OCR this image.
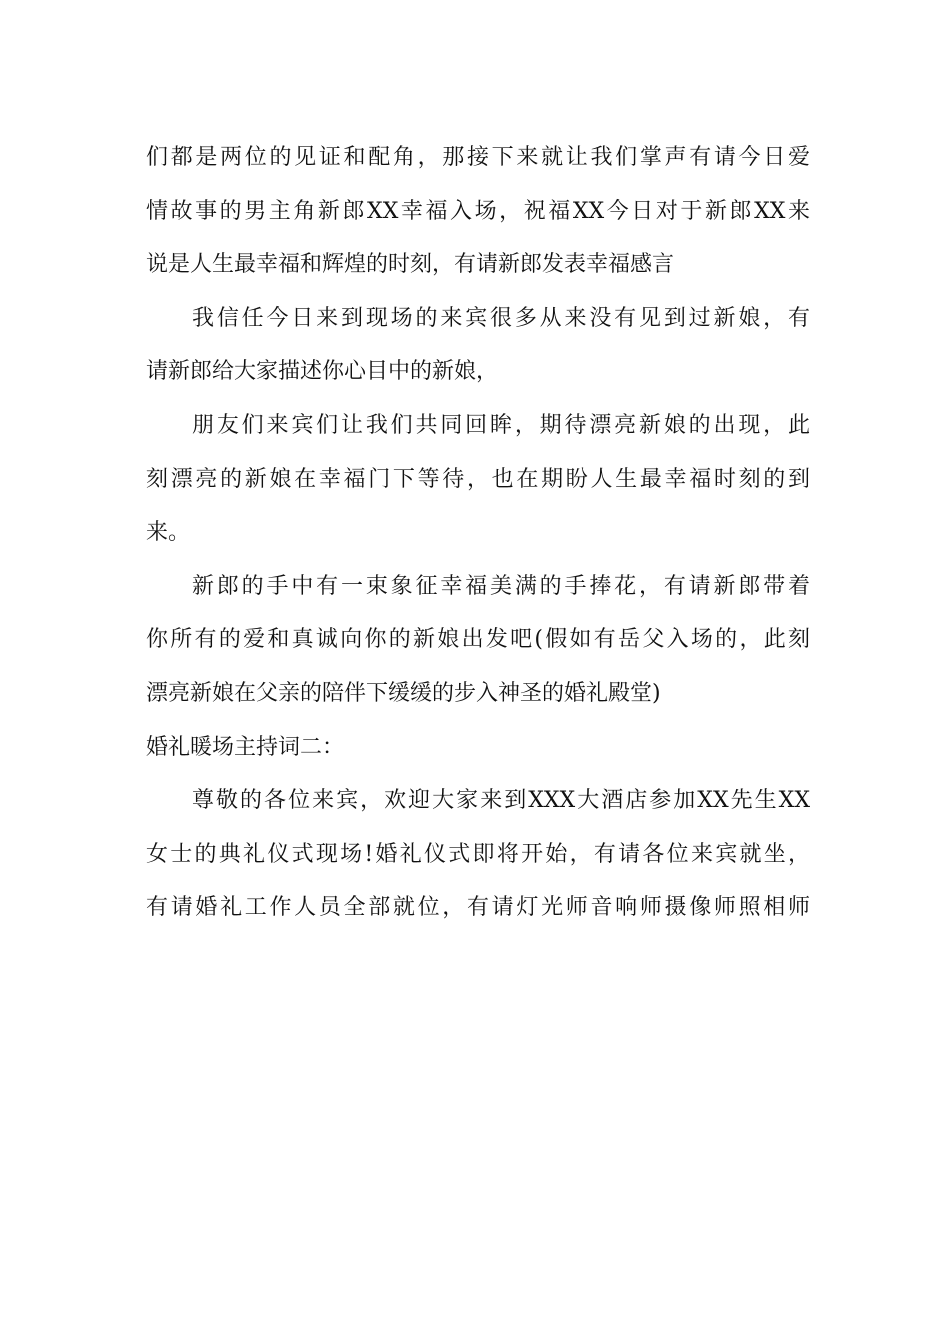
们都是两位的见证和配角，那接下来就让我们掌声有请今日爱
情故事的男主角新郎XX幸福入场，祝福XX今日对于新郎XX来
说是人生最幸福和辉煌的时刻，有请新郎发表幸福感言
我信任今日来到现场的来宾很多从来没有见到过新娘，有
请新郎给大家描述你心目中的新娘，
朋友们来宾们让我们共同回眸，期待漂亮新娘的出现，此
刻漂亮的新娘在幸福门下等待，也在期盼人生最幸福时刻的到
来。
新郎的手中有一束象征幸福美满的手捧花，有请新郎带着
你所有的爱和真诚向你的新娘出发吧(假如有岳父入场的，此刻
漂亮新娘在父亲的陪伴下缓缓的步入神圣的婚礼殿堂)
婚礼暖场主持词二：
尊敬的各位来宾，欢迎大家来到XXX大酒店参加XX先生XX
女士的典礼仪式现场!婚礼仪式即将开始，有请各位来宾就坐，
有请婚礼工作人员全部就位，有请灯光师音响师摄像师照相师
